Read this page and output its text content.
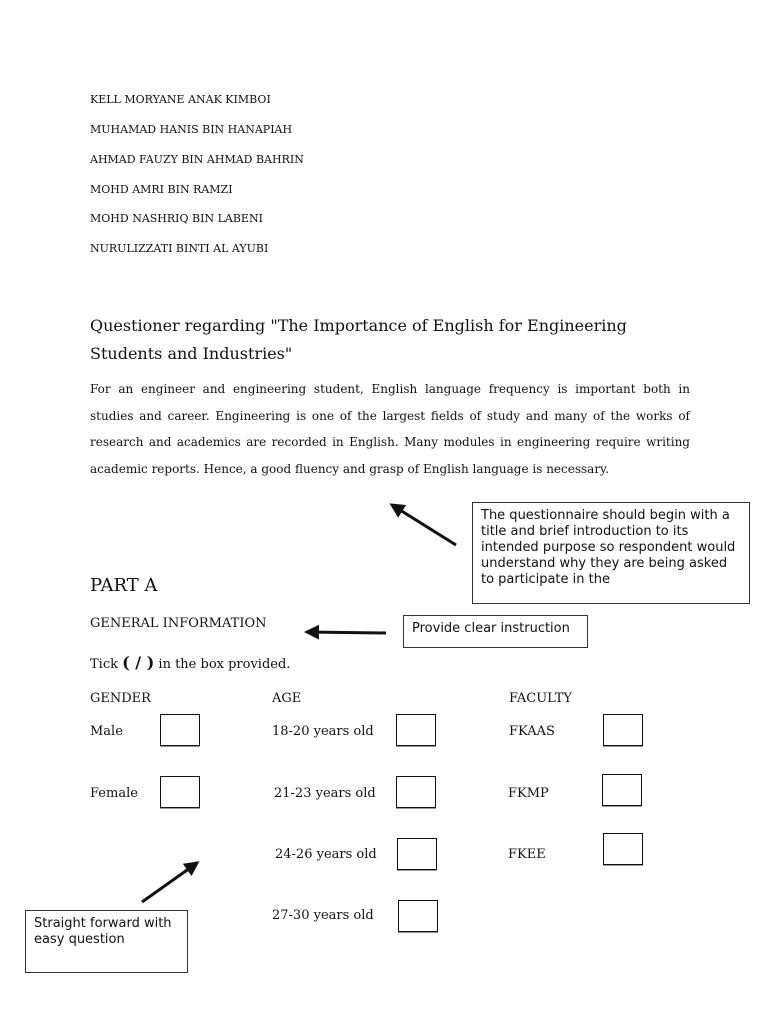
KELL MORYANE ANAK KIMBOI
MUHAMAD HANIS BIN HANAPIAH
AHMAD FAUZY BIN AHMAD BAHRIN
MOHD AMRI BIN RAMZI
MOHD NASHRIQ BIN LABENI
NURULIZZATI BINTI AL AYUBI
Questioner regarding "The Importance of English for Engineering Students and Industries"
For an engineer and engineering student, English language frequency is important both in studies and career. Engineering is one of the largest fields of study and many of the works of research and academics are recorded in English. Many modules in engineering require writing academic reports. Hence, a good fluency and grasp of English language is necessary.
PART A
GENERAL INFORMATION
Tick ( / ) in the box provided.
GENDER	AGE	FACULTY
Male
Female
18-20 years old
21-23 years old
24-26 years old
27-30 years old
FKAAS
FKMP
FKEE
The questionnaire should begin with a title and brief introduction to its intended purpose so respondent would understand why they are being asked to participate in the
Provide clear instruction
Straight forward with easy question
